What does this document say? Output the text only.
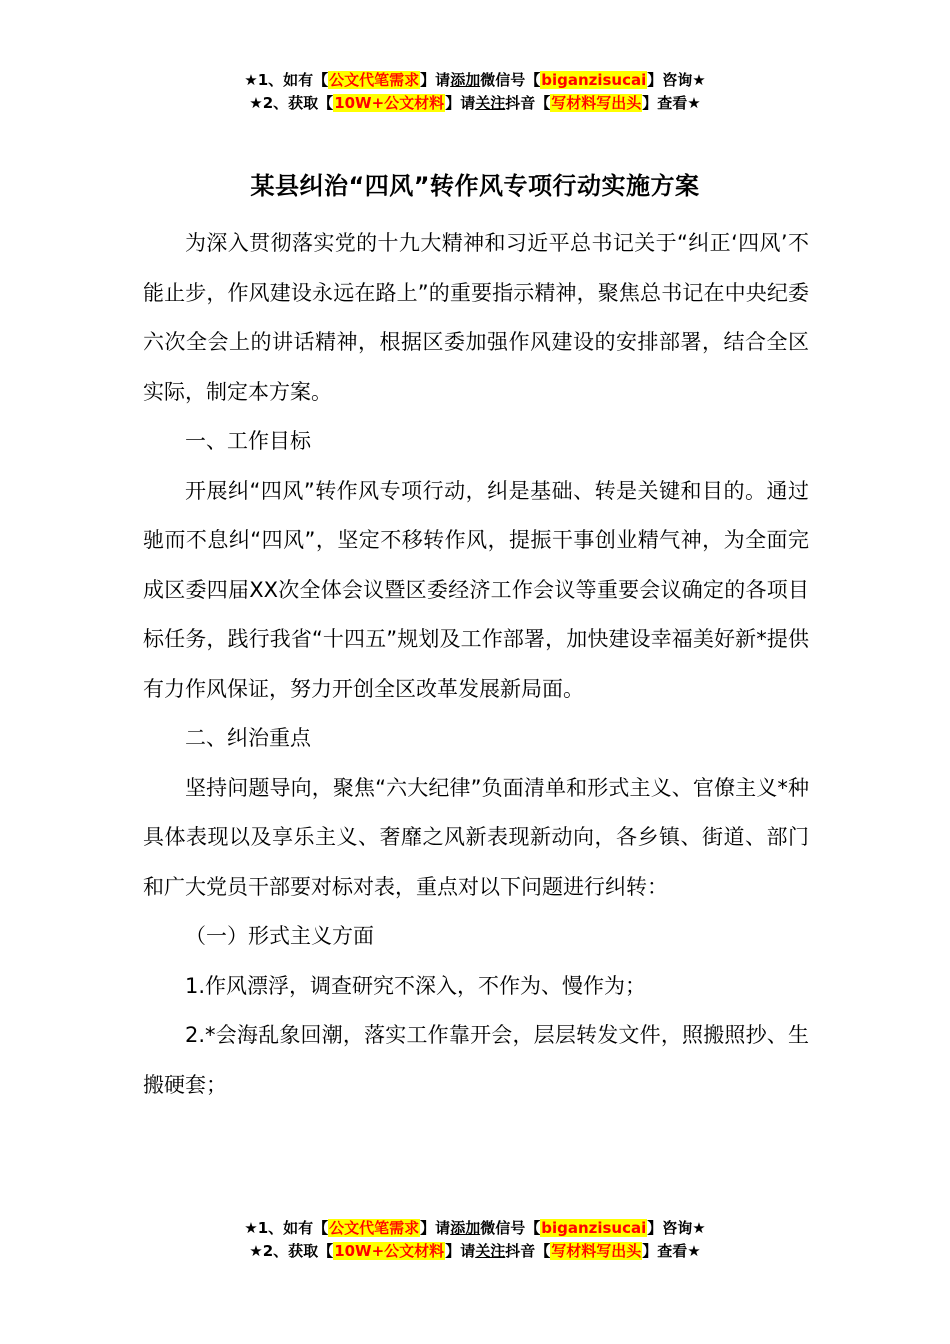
★1、如有【公文代笔需求】请添加微信号【biganzisucai】咨询★
★2、获取【10W+公文材料】请关注抖音【写材料写出头】查看★
某县纠治“四风”转作风专项行动实施方案

为深入贯彻落实党的十九大精神和习近平总书记关于“纠正‘四风’不能止步，作风建设永远在路上”的重要指示精神，聚焦总书记在中央纪委六次全会上的讲话精神，根据区委加强作风建设的安排部署，结合全区实际，制定本方案。

一、工作目标

开展纠“四风”转作风专项行动，纠是基础、转是关键和目的。通过驰而不息纠“四风”，坚定不移转作风，提振干事创业精气神，为全面完成区委四届XX次全体会议暨区委经济工作会议等重要会议确定的各项目标任务，践行我省“十四五”规划及工作部署，加快建设幸福美好新*提供有力作风保证，努力开创全区改革发展新局面。

二、纠治重点

坚持问题导向，聚焦“六大纪律”负面清单和形式主义、官僚主义*种具体表现以及享乐主义、奢靡之风新表现新动向，各乡镇、街道、部门和广大党员干部要对标对表，重点对以下问题进行纠转：

（一）形式主义方面

1.作风漂浮，调查研究不深入，不作为、慢作为；

2.*会海乱象回潮，落实工作靠开会，层层转发文件，照搬照抄、生搬硬套；

★1、如有【公文代笔需求】请添加微信号【biganzisucai】咨询★
★2、获取【10W+公文材料】请关注抖音【写材料写出头】查看★
